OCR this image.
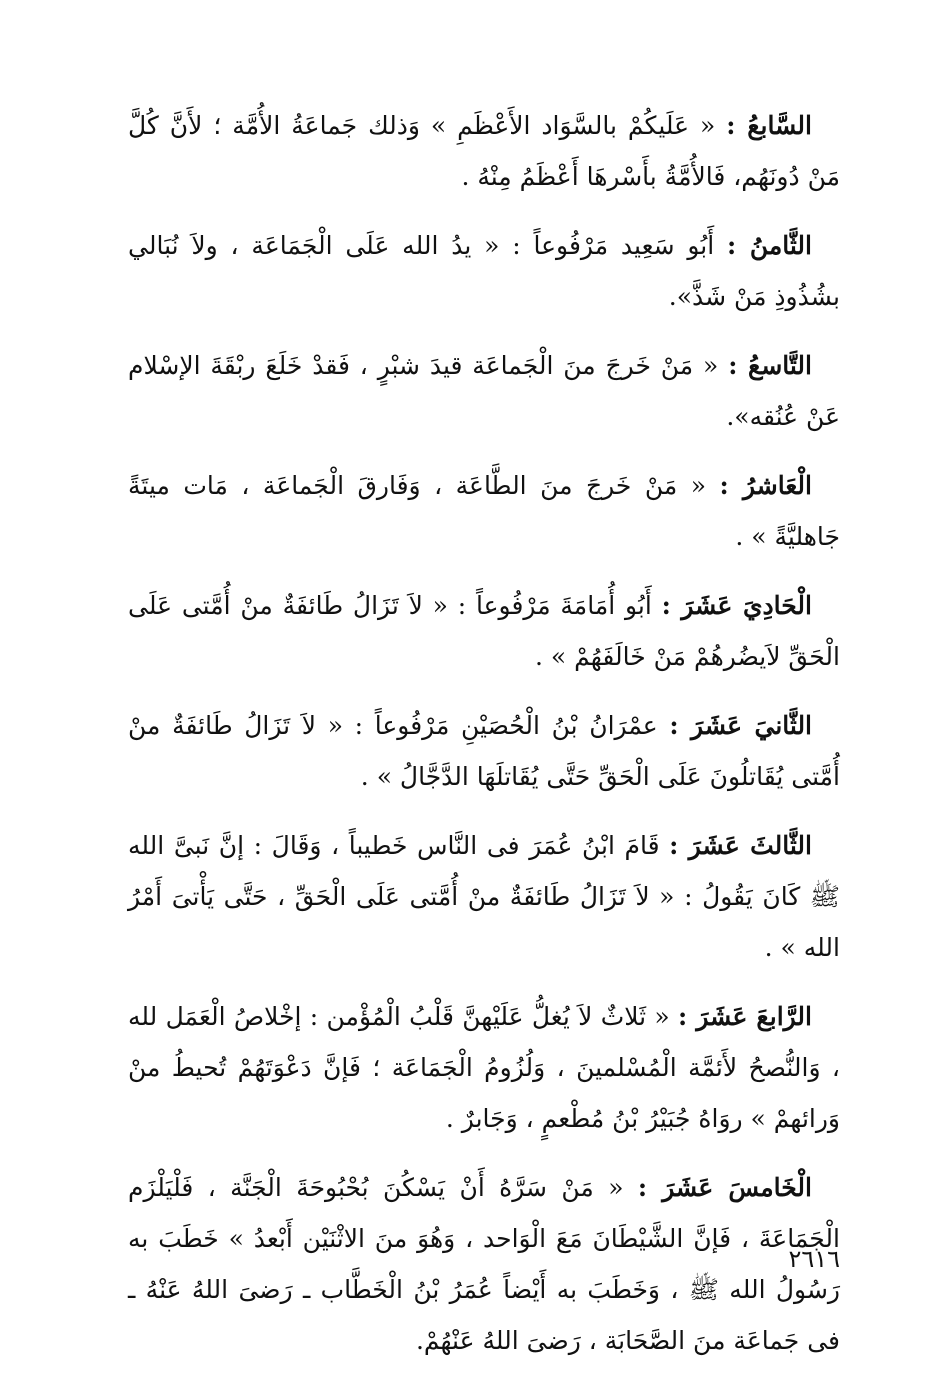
السَّابعُ : « عَلَيكُمْ بالسَّوَاد الأَعْظَمِ » وَذلك جَماعَةُ الأُمَّة ؛ لأَنَّ كُلَّ مَنْ دُونَهُم، فَالأُمَّةُ بأَسْرهَا أَعْظَمُ مِنْهُ .

الثَّامنُ : أَبُو سَعِيد مَرْفُوعاً : « يدُ الله عَلَى الْجَمَاعَة ، ولاَ نُبَالي بشُذُوذِ مَنْ شَذَّ».

التَّاسعُ : « مَنْ خَرجَ منَ الْجَماعَة قيدَ شبْرٍ ، فَقدْ خَلَعَ ربْقَةَ الإسْلام عَنْ عُنُقه».

الْعَاشرُ : « مَنْ خَرجَ منَ الطَّاعَة ، وَفَارقَ الْجَماعَة ، مَات ميتَةً جَاهليَّةً » .

الْحَادِيَ عَشَرَ : أَبُو أُمَامَةَ مَرْفُوعاً : « لاَ تَزَالُ طَائفَةٌ منْ أُمَّتى عَلَى الْحَقِّ لاَيضُرهُمْ مَنْ خَالَفَهُمْ » .

الثَّانيَ عَشَرَ : عمْرَانُ بْنُ الْحُصَيْنِ مَرْفُوعاً : « لاَ تَزَالُ طَائفَةٌ منْ أُمَّتى يُقَاتلُونَ عَلَى الْحَقِّ حَتَّى يُقَاتلَهَا الدَّجَّالُ » .

الثَّالثَ عَشَرَ : قَامَ ابْنُ عُمَرَ فى النَّاس خَطيباً ، وَقَالَ : إنَّ نَبىَّ الله ﷺ كَانَ يَقُولُ : « لاَ تَزَالُ طَائفَةٌ منْ أُمَّتى عَلَى الْحَقِّ ، حَتَّى يَأْتىَ أَمْرُ الله » .

الرَّابعَ عَشَرَ : « ثَلاثٌ لاَ يُغلُّ عَلَيْهنَّ قَلْبُ الْمُؤْمن : إخْلاصُ الْعَمَل لله ، وَالنُّصحُ لأَئمَّة الْمُسْلمينَ ، وَلُزُومُ الْجَمَاعَة ؛ فَإنَّ دَعْوَتَهُمْ تُحيطُ منْ وَرائهمْ » روَاهُ جُبَيْرُ بْنُ مُطْعمٍ ، وَجَابرٌ .

الْخَامسَ عَشَرَ : « مَنْ سَرَّهُ أَنْ يَسْكُنَ بُحْبُوحَةَ الْجَنَّة ، فَلْيَلْزَم الْجَمَاعَةَ ، فَإنَّ الشَّيْطَانَ مَعَ الْوَاحد ، وَهُوَ منَ الاثْنَيْن أَبْعدُ » خَطَبَ به رَسُولُ الله ﷺ ، وَخَطَبَ به أَيْضاً عُمَرُ بْنُ الْخَطَّاب ـ رَضىَ اللهُ عَنْهُ ـ فى جَماعَة منَ الصَّحَابَة ، رَضىَ اللهُ عَنْهُمْ.

٢٦١٦
